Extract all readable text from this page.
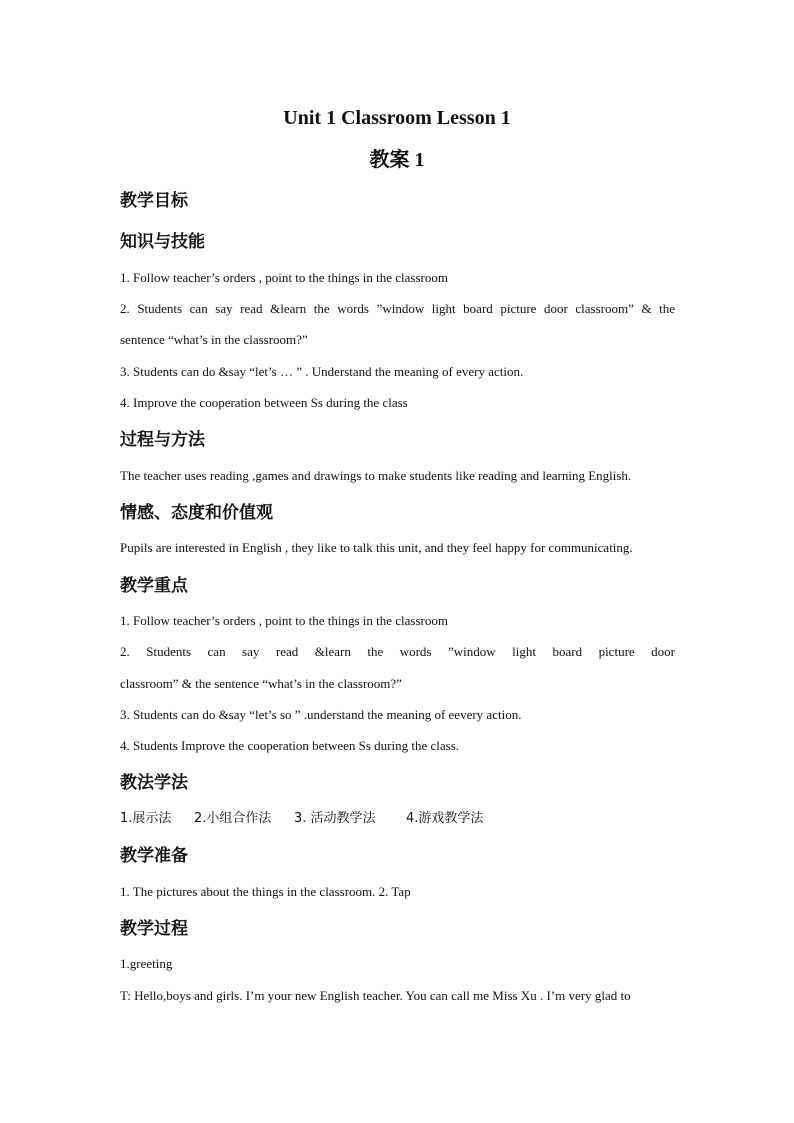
Unit 1 Classroom Lesson 1
教案 1
教学目标
知识与技能

1. Follow teacher’s orders , point to the things in the classroom

2. Students can say read &learn the words ”window light board picture door classroom” & the

sentence “what’s in the classroom?”

3. Students can do &say “let’s … ” . Understand the meaning of every action.

4. Improve the cooperation between Ss during the class

过程与方法

The teacher uses reading ,games and drawings to make students like reading and learning English.

情感、态度和价值观

Pupils are interested in English , they like to talk this unit, and they feel happy for communicating.

教学重点

1. Follow teacher’s orders , point to the things in the classroom

2. Students can say read &learn the words ”window light board picture door

classroom” & the sentence “what’s in the classroom?”

3. Students can do &say “let’s so ” .understand the meaning of eevery action.

4. Students Improve the cooperation between Ss during the class.

教法学法

1.展示法 2.小组合作法 3. 活动教学法 4.游戏教学法

教学准备

1. The pictures about the things in the classroom. 2. Tap

教学过程

1.greeting

T: Hello,boys and girls. I’m your new English teacher. You can call me Miss Xu . I’m very glad to
